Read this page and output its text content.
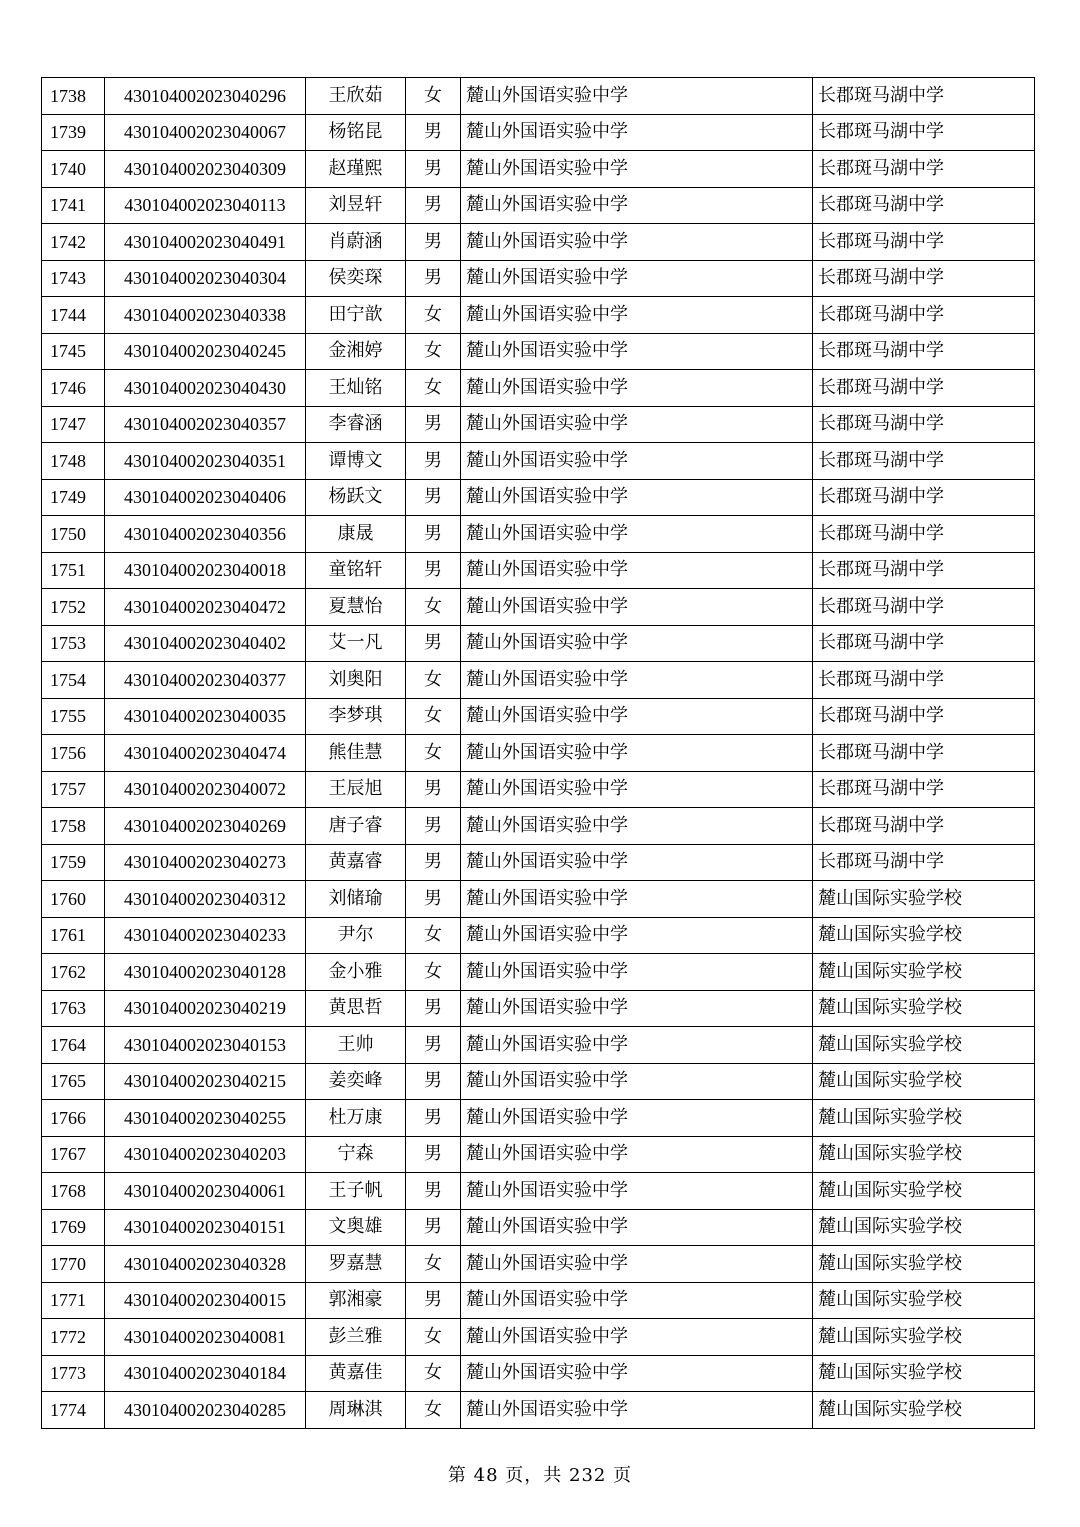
1738	430104002023040296	王欣茹	女	麓山外国语实验中学	长郡斑马湖中学
1739	430104002023040067	杨铭昆	男	麓山外国语实验中学	长郡斑马湖中学
1740	430104002023040309	赵瑾熙	男	麓山外国语实验中学	长郡斑马湖中学
1741	430104002023040113	刘昱轩	男	麓山外国语实验中学	长郡斑马湖中学
1742	430104002023040491	肖蔚涵	男	麓山外国语实验中学	长郡斑马湖中学
1743	430104002023040304	侯奕琛	男	麓山外国语实验中学	长郡斑马湖中学
1744	430104002023040338	田宁歆	女	麓山外国语实验中学	长郡斑马湖中学
1745	430104002023040245	金湘婷	女	麓山外国语实验中学	长郡斑马湖中学
1746	430104002023040430	王灿铭	女	麓山外国语实验中学	长郡斑马湖中学
1747	430104002023040357	李睿涵	男	麓山外国语实验中学	长郡斑马湖中学
1748	430104002023040351	谭博文	男	麓山外国语实验中学	长郡斑马湖中学
1749	430104002023040406	杨跃文	男	麓山外国语实验中学	长郡斑马湖中学
1750	430104002023040356	康晟	男	麓山外国语实验中学	长郡斑马湖中学
1751	430104002023040018	童铭轩	男	麓山外国语实验中学	长郡斑马湖中学
1752	430104002023040472	夏慧怡	女	麓山外国语实验中学	长郡斑马湖中学
1753	430104002023040402	艾一凡	男	麓山外国语实验中学	长郡斑马湖中学
1754	430104002023040377	刘奥阳	女	麓山外国语实验中学	长郡斑马湖中学
1755	430104002023040035	李梦琪	女	麓山外国语实验中学	长郡斑马湖中学
1756	430104002023040474	熊佳慧	女	麓山外国语实验中学	长郡斑马湖中学
1757	430104002023040072	王辰旭	男	麓山外国语实验中学	长郡斑马湖中学
1758	430104002023040269	唐子睿	男	麓山外国语实验中学	长郡斑马湖中学
1759	430104002023040273	黄嘉睿	男	麓山外国语实验中学	长郡斑马湖中学
1760	430104002023040312	刘储瑜	男	麓山外国语实验中学	麓山国际实验学校
1761	430104002023040233	尹尔	女	麓山外国语实验中学	麓山国际实验学校
1762	430104002023040128	金小雅	女	麓山外国语实验中学	麓山国际实验学校
1763	430104002023040219	黄思哲	男	麓山外国语实验中学	麓山国际实验学校
1764	430104002023040153	王帅	男	麓山外国语实验中学	麓山国际实验学校
1765	430104002023040215	姜奕峰	男	麓山外国语实验中学	麓山国际实验学校
1766	430104002023040255	杜万康	男	麓山外国语实验中学	麓山国际实验学校
1767	430104002023040203	宁森	男	麓山外国语实验中学	麓山国际实验学校
1768	430104002023040061	王子帆	男	麓山外国语实验中学	麓山国际实验学校
1769	430104002023040151	文奥雄	男	麓山外国语实验中学	麓山国际实验学校
1770	430104002023040328	罗嘉慧	女	麓山外国语实验中学	麓山国际实验学校
1771	430104002023040015	郭湘豪	男	麓山外国语实验中学	麓山国际实验学校
1772	430104002023040081	彭兰雅	女	麓山外国语实验中学	麓山国际实验学校
1773	430104002023040184	黄嘉佳	女	麓山外国语实验中学	麓山国际实验学校
1774	430104002023040285	周琳淇	女	麓山外国语实验中学	麓山国际实验学校
第 48 页，共 232 页
